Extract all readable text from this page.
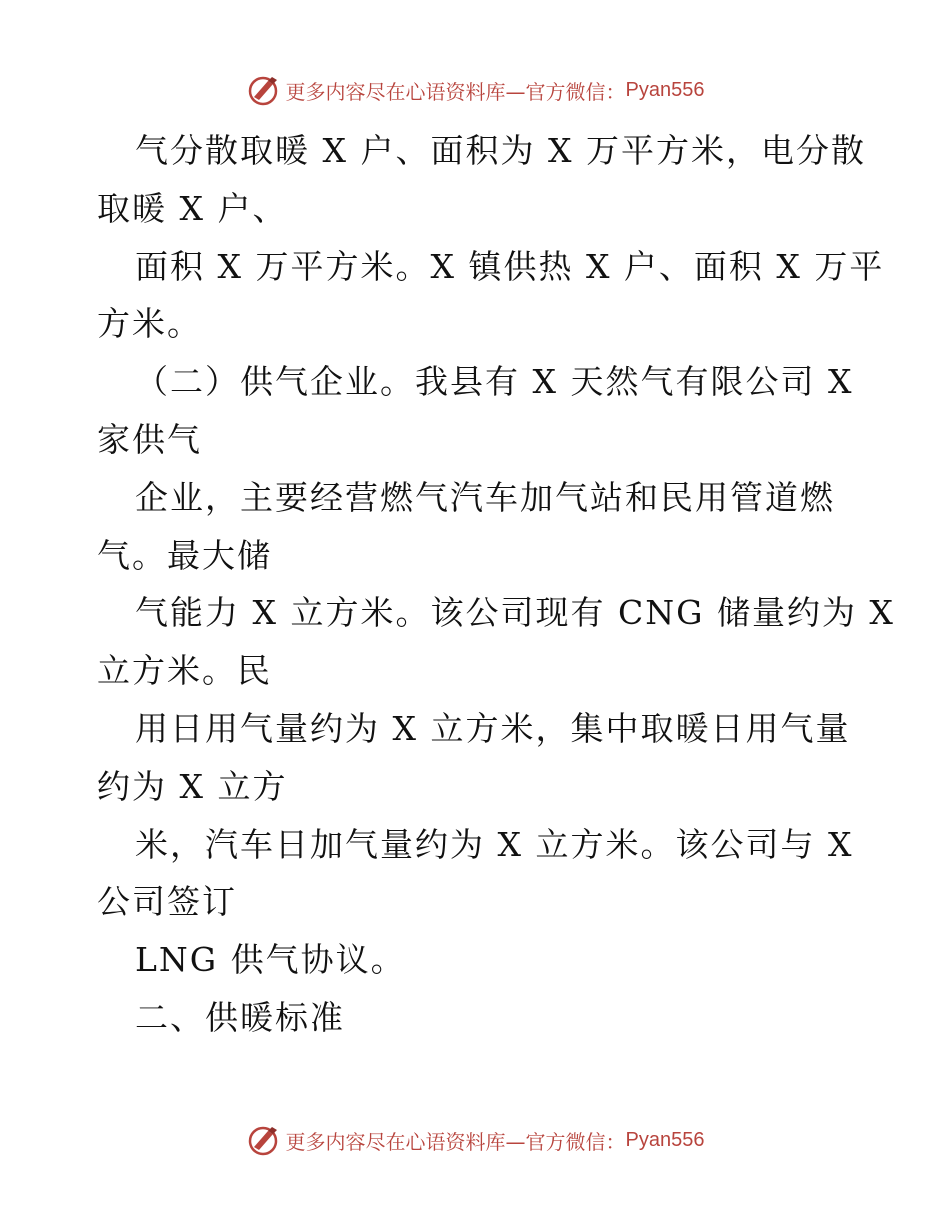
更多内容尽在心语资料库—官方微信： Pyan556
气分散取暖 X 户、面积为 X 万平方米，电分散
取暖 X 户、
面积 X 万平方米。X 镇供热 X 户、面积 X 万平
方米。
（二）供气企业。我县有 X 天然气有限公司 X
家供气
企业，主要经营燃气汽车加气站和民用管道燃
气。最大储
气能力 X 立方米。该公司现有 CNG 储量约为 X
立方米。民
用日用气量约为 X 立方米，集中取暖日用气量
约为 X 立方
米，汽车日加气量约为 X 立方米。该公司与 X
公司签订
LNG 供气协议。
二、供暖标准
更多内容尽在心语资料库—官方微信： Pyan556
